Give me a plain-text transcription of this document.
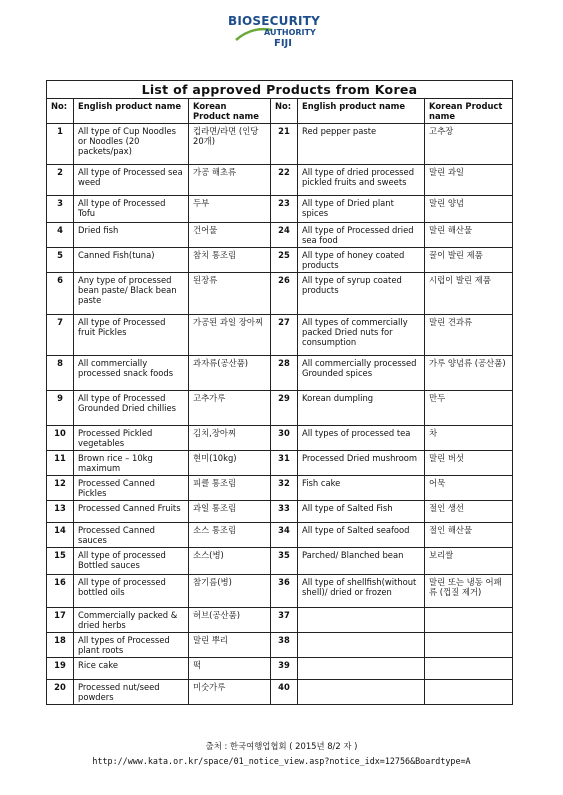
BIOSECURITY
AUTHORITY
FIJI
List of approved Products from Korea					
No:	English product name	Korean Product name	No:	English product name	Korean Product name
1	All type of Cup Noodles or Noodles (20 packets/pax)	컵라면/라면 (인당 20개)	21	Red pepper paste	고추장
2	All type of Processed sea weed	가공 해초류	22	All type of dried processed pickled fruits and sweets	말린 과일
3	All type of Processed Tofu	두부	23	All type of Dried plant spices	말린 양념
4	Dried fish	건어물	24	All type of Processed dried sea food	말린 해산물
5	Canned Fish(tuna)	참치 통조림	25	All type of honey coated products	꿀이 발린 제품
6	Any type of processed bean paste/ Black bean paste	된장류	26	All type of syrup coated products	시럽이 발린 제품
7	All type of Processed fruit Pickles	가공된 과일 장아찌	27	All types of commercially packed Dried nuts for consumption	말린 견과류
8	All commercially processed snack foods	과자류(공산품)	28	All commercially processed Grounded spices	가루 양념류 (공산품)
9	All type of Processed Grounded Dried chillies	고추가루	29	Korean dumpling	만두
10	Processed Pickled vegetables	김치,장아찌	30	All types of processed tea	차
11	Brown rice – 10kg maximum	현미(10kg)	31	Processed Dried mushroom	말린 버섯
12	Processed Canned Pickles	피클 통조림	32	Fish cake	어묵
13	Processed Canned Fruits	과일 통조림	33	All type of Salted Fish	절인 생선
14	Processed Canned sauces	소스 통조림	34	All type of Salted seafood	절인 해산물
15	All type of processed Bottled sauces	소스(병)	35	Parched/ Blanched bean	보리쌀
16	All type of processed bottled oils	참기름(병)	36	All type of shellfish(without shell)/ dried or frozen	말린 또는 냉동 어패류 (껍질 제거)
17	Commercially packed & dried herbs	허브(공산품)	37		
18	All types of Processed plant roots	말린 뿌리	38		
19	Rice cake	떡	39		
20	Processed nut/seed powders	미숫가루	40		
출처 : 한국여행업협회 ( 2015년 8/2 자 )
http://www.kata.or.kr/space/01_notice_view.asp?notice_idx=12756&Boardtype=A
